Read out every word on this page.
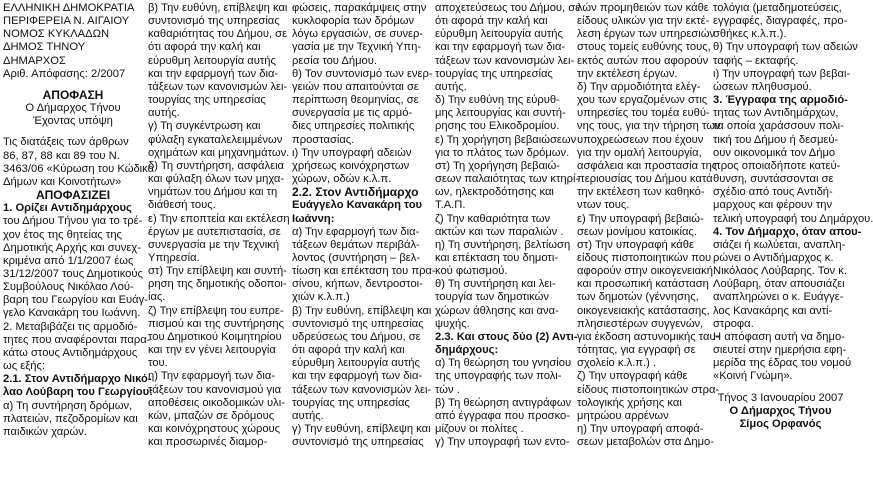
ΕΛΛΗΝΙΚΗ ΔΗΜΟΚΡΑΤΙΑ

ΠΕΡΙΦΕΡΕΙΑ Ν. ΑΙΓΑΙΟΥ

ΝΟΜΟΣ ΚΥΚΛΑΔΩΝ

ΔΗΜΟΣ ΤΗΝΟΥ

ΔΗΜΑΡΧΟΣ

Αριθ. Απόφασης: 2/2007

ΑΠΟΦΑΣΗ

Ο Δήμαρχος Τήνου

Έχοντας υπόψη

Τις διατάξεις των άρθρων

86, 87, 88 και 89 του Ν.

3463/06 «Κύρωση του Κώδικα

Δήμων και Κοινοτήτων»

ΑΠΟΦΑΣΙΖΕΙ

1. Ορίζει Αντιδημάρχους

του Δήμου Τήνου για το τρέ-

χον έτος της θητείας της

Δημοτικής Αρχής και συνεχ-

κριμένα από 1/1/2007 έως

31/12/2007 τους Δημοτικούς

Συμβούλους Νικόλαο Λού-

βαρη του Γεωργίου και Ευάγ-

γελο Κανακάρη του Ιωάννη.

2. Μεταβιβάζει τις αρμοδιό-

τητες που αναφέρονται παρα-

κάτω στους Αντιδημάρχους

ως εξής:

2.1. Στον Αντιδήμαρχο Νικό-

λαο Λούβαρη του Γεωργίου:

α) Τη συντήρηση δρόμων,

πλατειών, πεζοδρομίων και

παιδικών χαρών.

β) Την ευθύνη, επίβλεψη και

συντονισμό της υπηρεσίας

καθαριότητας του Δήμου, σε

ότι αφορά την καλή και

εύρυθμη λειτουργία αυτής

και την εφαρμογή των δια-

τάξεων των κανονισμών λει-

τουργίας της υπηρεσίας

αυτής.

γ) Τη συγκέντρωση και

φύλαξη εγκαταλελειμμένων

οχημάτων και μηχανημάτων.

δ) Τη συντήρηση, ασφάλεια

και φύλαξη όλων των μηχα-

νημάτων του Δήμου και τη

διάθεσή τους.

ε) Την εποπτεία και εκτέλεση

έργων με αυτεπιστασία, σε

συνεργασία με την Τεχνική

Υπηρεσία.

στ) Την επίβλεψη και συντή-

ρηση της δημοτικής οδοποι-

ίας.

ζ) Την επίβλεψη του ευπρε-

πισμού και της συντήρησης

του Δημοτικού Κοιμητηρίου

και την εν γένει λειτουργία

του.

η) Την εφαρμογή των δια-

τάξεων του κανονισμού για

αποθέσεις οικοδομικών υλι-

κών, μπαζών σε δρόμους

και κοινόχρηστους χώρους

και προσωρινές διαμορ-

φώσεις, παρακάμψεις στην

κυκλοφορία των δρόμων

λόγω εργασιών, σε συνερ-

γασία με την Τεχνική Υπη-

ρεσία του Δήμου.

θ) Τον συντονισμό των ενερ-

γειών που απαιτούνται σε

περίπτωση θεομηνίας, σε

συνεργασία με τις αρμό-

διες υπηρεσίες πολιτικής

προστασίας.

ι) Την υπογραφή αδειών

χρήσεως κοινόχρηστων

χώρων, οδών κ.λ.π.

2.2. Στον Αντιδήμαρχο

Ευάγγελο Κανακάρη του

Ιωάννη:

α) Την εφαρμογή των δια-

τάξεων θεμάτων περιβάλ-

λοντος (συντήρηση – βελ-

τίωση και επέκταση του πρα-

σίνου, κήπων, δεντροστοι-

χιών κ.λ.π.)

β) Την ευθύνη, επίβλεψη και

συντονισμό της υπηρεσίας

υδρεύσεως του Δήμου, σε

ότι αφορά την καλή και

εύρυθμη λειτουργία αυτής

και την εφαρμογή των δια-

τάξεων των κανονισμών λει-

τουργίας της υπηρεσίας

αυτής.

γ) Την ευθύνη, επίβλεψη και

συντονισμό της υπηρεσίας

αποχετεύσεως του Δήμου, σε

ότι αφορά την καλή και

εύρυθμη λειτουργία αυτής

και την εφαρμογή των δια-

τάξεων των κανονισμών λει-

τουργίας της υπηρεσίας

αυτής.

δ) Την ευθύνη της εύρυθ-

μης λειτουργίας και συντή-

ρησης του Ελικοδρομίου.

ε) Τη χορήγηση βεβαιώσεων

για το πλάτος των δρόμων.

στ) Τη χορήγηση βεβαιώ-

σεων παλαιότητας των κτηρί-

ων, ηλεκτροδότησης και

Τ.Α.Π.

ζ) Την καθαριότητα των

ακτών και των παραλιών .

η) Τη συντήρηση, βελτίωση

και επέκταση του δημοτι-

κού φωτισμού.

θ) Τη συντήρηση και λει-

τουργία των δημοτικών

χώρων άθλησης και ανα-

ψυχής.

2.3. Και στους δύο (2) Αντι-

δημάρχους:

α) Τη θεώρηση του γνησίου

της υπογραφής των πολι-

τών .

β) Τη θεώρηση αντιγράφων

από έγγραφα που προσκο-

μίζουν οι πολίτες .

γ) Την υπογραφή των εντο-

λών προμηθειών των κάθε

είδους υλικών για την εκτέ-

λεση έργων των υπηρεσιών

στους τομείς ευθύνης τους,

εκτός αυτών που αφορούν

την εκτέλεση έργων.

δ) Την αρμοδιότητα ελέγ-

χου των εργαζομένων στις

υπηρεσίες του τομέα ευθύ-

νης τους, για την τήρηση των

υποχρεώσεων που έχουν

για την ομαλή λειτουργία,

ασφάλεια και προστασία της

περιουσίας του Δήμου κατά

την εκτέλεση των καθηκό-

ντων τους.

ε) Την υπογραφή βεβαιώ-

σεων μονίμου κατοικίας.

στ) Την υπογραφή κάθε

είδους πιστοποιητικών που

αφορούν στην οικογενειακή

και προσωπική κατάσταση

των δημοτών (γέννησης,

οικογενειακής κατάστασης,

πλησιεστέρων συγγενών,

για έκδοση αστυνομικής ταυ-

τότητας, για εγγραφή σε

σχολείο κ.λ.π.) .

ζ) Την υπογραφή κάθε

είδους πιστοποιητικών στρα-

τολογικής χρήσης και

μητρώου αρρένων

η) Την υπογραφή αποφά-

σεων μεταβολών στα Δημο-

τολόγια (μεταδημοτεύσεις,

εγγραφές, διαγραφές, προ-

σθήκες κ.λ.π.).

θ) Την υπογραφή των αδειών

ταφής – εκταφής.

ι) Την υπογραφή των βεβαι-

ώσεων πληθυσμού.

3. Έγγραφα της αρμοδιό-

τητας των Αντιδημάρχων,

τα οποία χαράσσουν πολι-

τική του Δήμου ή δεσμεύ-

ουν οικονομικά τον Δήμο

προς οποιαδήποτε κατεύ-

θυνση, συντάσσονται σε

σχέδιο από τους Αντιδή-

μαρχους και φέρουν την

τελική υπογραφή του Δημάρχου.

4. Τον Δήμαρχο, όταν απου-

σιάζει ή κωλύεται, αναπλη-

ρώνει ο Αντιδήμαρχος κ.

Νικόλαος Λούβαρης. Τον κ.

Λούβαρη, όταν απουσιάζει

αναπληρώνει ο κ. Ευάγγε-

λος Κανακάρης και αντί-

στροφα.

Η απόφαση αυτή να δημο-

σιευτεί στην ημερήσια εφη-

μερίδα της έδρας του νομού

«Κοινή Γνώμη».

Τήνος 3 Ιανουαρίου 2007

Ο Δήμαρχος Τήνου

Σίμος Ορφανός
